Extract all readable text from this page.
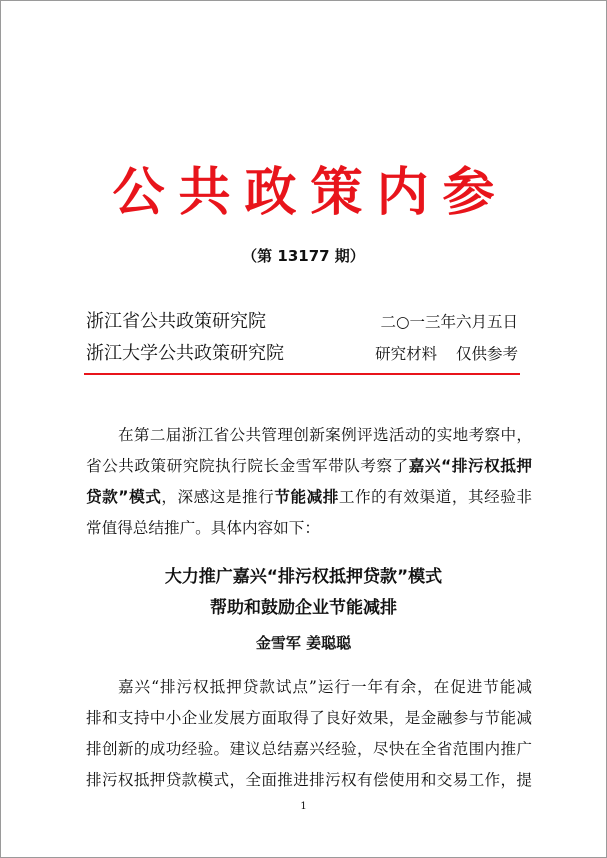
公共政策内参
（第 13177 期）
浙江省公共政策研究院	二○一三年六月五日
浙江大学公共政策研究院	研究材料 仅供参考
在第二届浙江省公共管理创新案例评选活动的实地考察中，
省公共政策研究院执行院长金雪军带队考察了嘉兴“排污权抵押
贷款”模式，深感这是推行节能减排工作的有效渠道，其经验非
常值得总结推广。具体内容如下：
大力推广嘉兴“排污权抵押贷款”模式
帮助和鼓励企业节能减排
金雪军 姜聪聪
嘉兴“排污权抵押贷款试点”运行一年有余，在促进节能减
排和支持中小企业发展方面取得了良好效果，是金融参与节能减
排创新的成功经验。建议总结嘉兴经验，尽快在全省范围内推广
排污权抵押贷款模式，全面推进排污权有偿使用和交易工作，提
1
